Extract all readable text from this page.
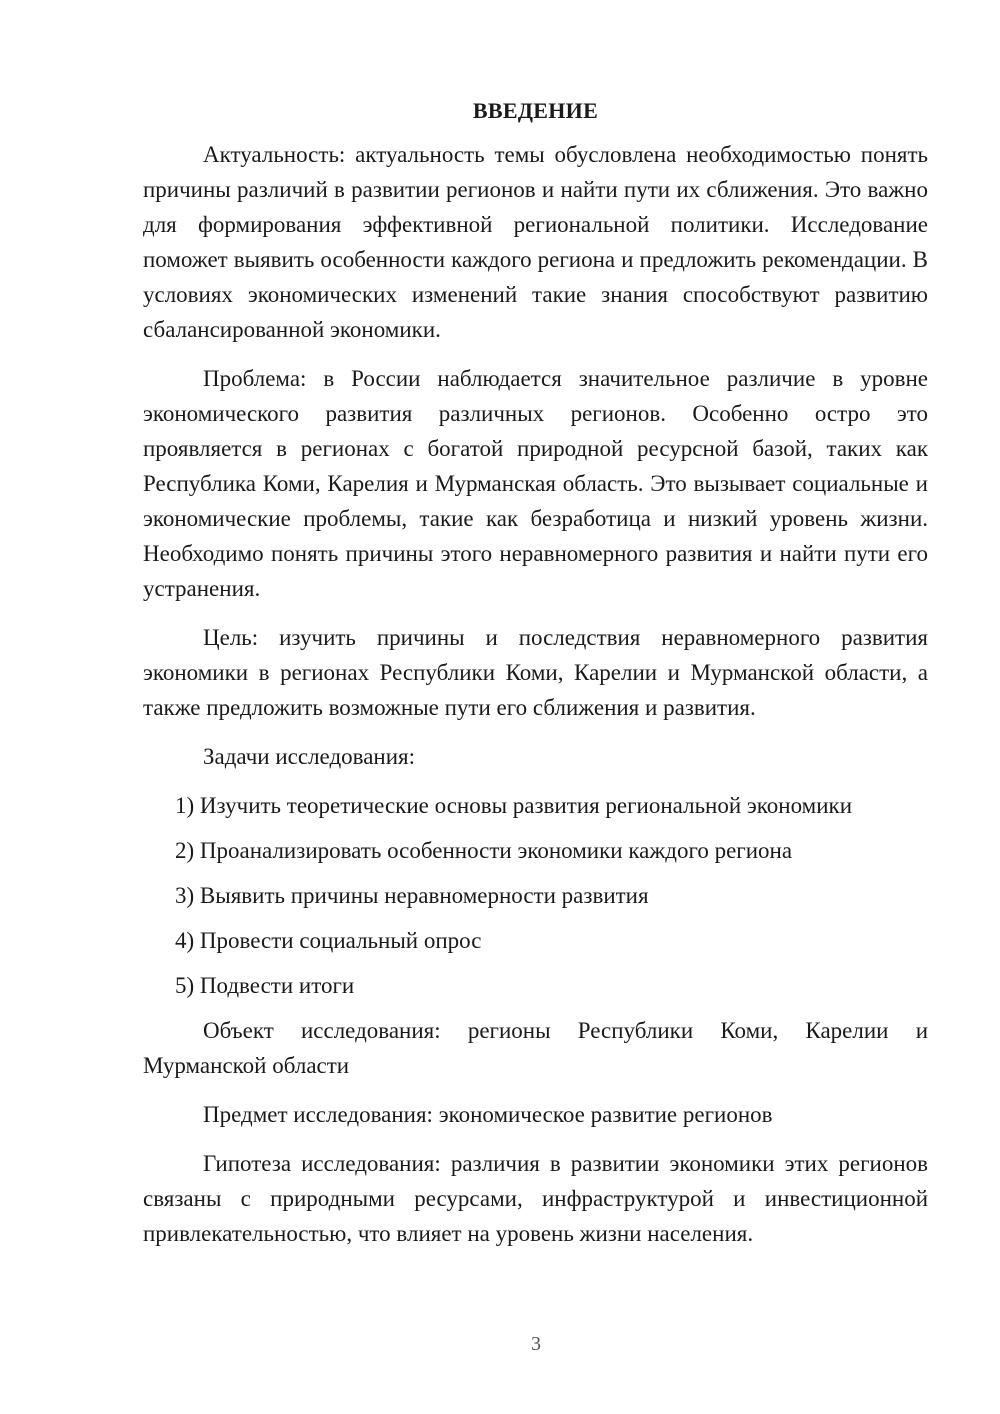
ВВЕДЕНИЕ

Актуальность: актуальность темы обусловлена необходимостью понять причины различий в развитии регионов и найти пути их сближения. Это важно для формирования эффективной региональной политики. Исследование поможет выявить особенности каждого региона и предложить рекомендации. В условиях экономических изменений такие знания способствуют развитию сбалансированной экономики.

Проблема: в России наблюдается значительное различие в уровне экономического развития различных регионов. Особенно остро это проявляется в регионах с богатой природной ресурсной базой, таких как Республика Коми, Карелия и Мурманская область. Это вызывает социальные и экономические проблемы, такие как безработица и низкий уровень жизни. Необходимо понять причины этого неравномерного развития и найти пути его устранения.

Цель: изучить причины и последствия неравномерного развития экономики в регионах Республики Коми, Карелии и Мурманской области, а также предложить возможные пути его сближения и развития.

Задачи исследования:

1) Изучить теоретические основы развития региональной экономики
2) Проанализировать особенности экономики каждого региона
3) Выявить причины неравномерности развития
4) Провести социальный опрос
5) Подвести итоги

Объект исследования: регионы Республики Коми, Карелии и Мурманской области

Предмет исследования: экономическое развитие регионов

Гипотеза исследования: различия в развитии экономики этих регионов связаны с природными ресурсами, инфраструктурой и инвестиционной привлекательностью, что влияет на уровень жизни населения.

3
